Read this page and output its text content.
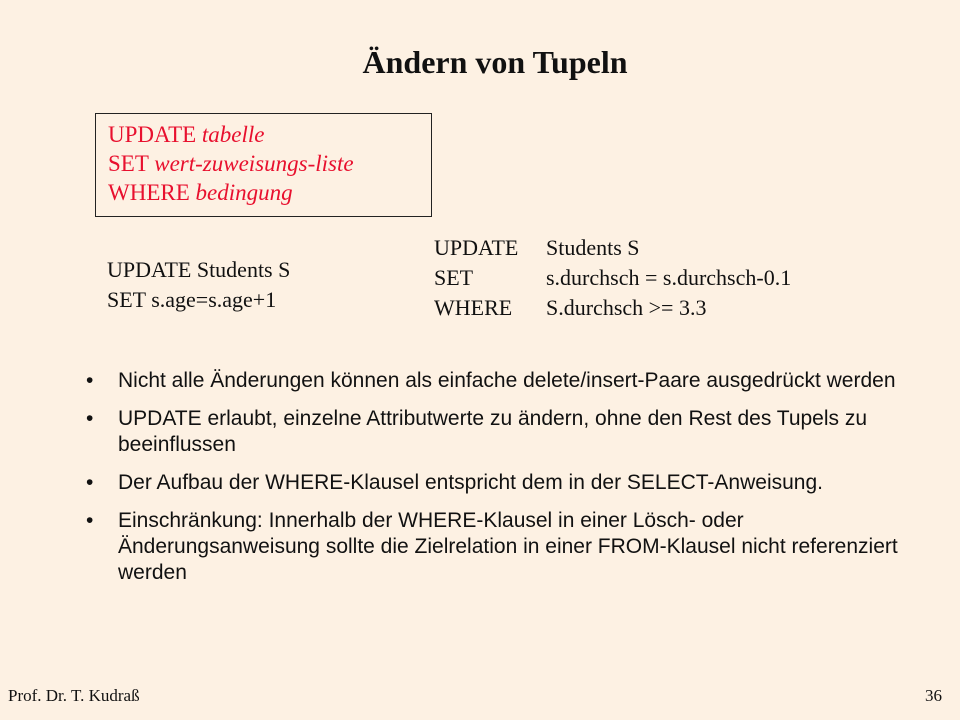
Ändern von Tupeln
UPDATE tabelle
SET wert-zuweisungs-liste
WHERE bedingung
UPDATE Students S
SET s.age=s.age+1
UPDATE	Students S
SET	s.durchsch = s.durchsch-0.1
WHERE	S.durchsch >= 3.3
• Nicht alle Änderungen können als einfache delete/insert-Paare ausgedrückt werden
• UPDATE erlaubt, einzelne Attributwerte zu ändern, ohne den Rest des Tupels zu beeinflussen
• Der Aufbau der WHERE-Klausel entspricht dem in der SELECT-Anweisung.
• Einschränkung: Innerhalb der WHERE-Klausel in einer Lösch- oder Änderungsanweisung sollte die Zielrelation in einer FROM-Klausel nicht referenziert werden
Prof. Dr. T. Kudraß	36
